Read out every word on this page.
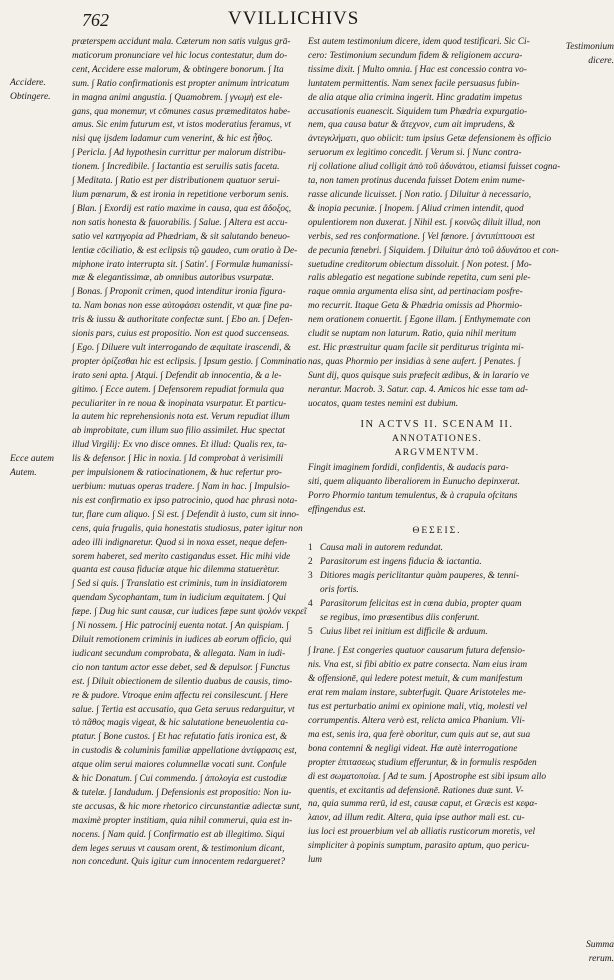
762	VVILLICHIVS
Accidere.
Obtingere.
Ecce autem
Autem.

præterspem accidunt mala. Cæterum non satis vulgus grā-

maticorum pronunciare vel hic locus contestatur, dum do-

cent, Accidere esse malorum, & obtingere bonorum. ∫ Ita

sum. ∫ Ratio confirmationis est propter animum intricatum

in magna animi angustia. ∫ Quamobrem. ∫ γνωμὴ est ele-

gans, qua monemur, vt cōmunes casus præmeditatos habe-

amus. Sic enim futurum est, vt istos moderatius feramus, vt

nisi quę ijsdem ladamur cum venerint, & hic est ἦθος.

∫ Pericla. ∫ Ad hypothesin currittur per malorum distribu-

tionem. ∫ Incredibile. ∫ Iactantia est seruilis satis faceta.

∫ Meditata. ∫ Ratio est per distributionem quatuor serui-

lium pœnarum, & est ironia in repetitione verborum senis.

∫ Blan. ∫ Exordij est ratio maxime in causa, qua est ἄδοξος,

non satis honesta & fauorabilis. ∫ Salue. ∫ Altera est accu-

satio vel κατηγορία ad Phædriam, & sit salutando beneuo-

lentiæ cōciliatio, & est eclipsis τῷ gaudeo, cum oratio à De-

miphone irato interrupta sit. ∫ Satin'. ∫ Formulæ humanissi-

mæ & elegantissimæ, ab omnibus autoribus vsurpatæ.

∫ Bonas. ∫ Proponit crimen, quod intenditur ironia figura-

ta. Nam bonas non esse αὐτοφάσει ostendit, vt quæ fine pa-

tris & iussu & authoritate confectæ sunt. ∫ Ebo an. ∫ Defen-

sionis pars, cuius est propositio. Non est quod succenseas.

∫ Ego. ∫ Diluere vult interrogando de æquitate irascendi, &

propter ὀρίζεσθαι hic est eclipsis. ∫ Ipsum gestio. ∫ Comminatio

irato seni apta. ∫ Atqui. ∫ Defendit ab innocentia, & a le-

gitimo. ∫ Ecce autem. ∫ Defensorem repudiat formula qua

peculiariter in re noua & inopinata vsurpatur. Et particu-

la autem hic reprehensionis nota est. Verum repudiat illum

ab improbitate, cum illum suo filio assimilet. Huc spectat

illud Virgilij: Ex vno disce omnes. Et illud: Qualis rex, ta-

lis & defensor. ∫ Hic in noxia. ∫ Id comprobat à verisimili

per impulsionem & ratiocinationem, & huc refertur pro-

uerbium: mutuas operas tradere. ∫ Nam in hac. ∫ Impulsio-

nis est confirmatio ex ipso patrocinio, quod hac phrasi nota-

tur, flare cum aliquo. ∫ Si est. ∫ Defendit à iusto, cum sit inno-

cens, quia frugalis, quia honestatis studiosus, pater igitur non

adeo illi indignaretur. Quod si in noxa esset, neque defen-

sorem haberet, sed merito castigandus esset. Hic mihi vide

quanta est causa fiduciæ atque hic dilemma statuerètur.

∫ Sed si quis. ∫ Translatio est criminis, tum in insidiatorem

quendam Sycophantam, tum in iudicium æquitatem. ∫ Qui

fæpe. ∫ Dug hic sunt causæ, cur iudices fæpe sunt ψολόν νεκρεῖ

∫ Ni nossem. ∫ Hic patrocinij euenta notat. ∫ An quispiam. ∫

Diluit remotionem criminis in iudices ab eorum officio, qui

iudicant secundum comprobata, & allegata. Nam in iudi-

cio non tantum actor esse debet, sed & depulsor. ∫ Functus

est. ∫ Diluit obiectionem de silentio duabus de causis, timo-

re & pudore. Vtroque enim affectu rei consilescunt. ∫ Here

salue. ∫ Tertia est accusatio, qua Geta seruus redarguitur, vt

τὸ πᾶθος magis vigeat, & hic salutatione beneuolentia ca-

ptatur. ∫ Bone custos. ∫ Et hac refutatio fatis ironica est, &

in custodis & columinis familiæ appellatione ἀντίφρασις est,

atque olim serui maiores columnellæ vocati sunt. Confule

& hic Donatum. ∫ Cui commenda. ∫ ἀπολογία est custodiæ

& tutelæ. ∫ Iandudum. ∫ Defensionis est propositio: Non iu-

ste accusas, & hic more rhetorico circunstantiæ adiectæ sunt,

maximè propter institiam, quia nihil commerui, quia est in-

nocens. ∫ Nam quid. ∫ Confirmatio est ab illegitimo. Siqui

dem leges seruus vt causam orent, & testimonium dicant,

non concedunt. Quis igitur cum innocentem redargueret?

Testimonium
dicere.
Summa
rerum.

Est autem testimonium dicere, idem quod testificari. Sic Ci-

cero: Testimonium secundum fidem & religionem accura-

tissime dixit. ∫ Multo omnia. ∫ Hac est concessio contra vo-

luntatem permittentis. Nam senex facile persuasus fubin-

de alia atque alia crimina ingerit. Hinc gradatim impetus

accusationis euanescit. Siquidem tum Phædria expurgatio-

nem, qua causa batur & ἄτεχνον, cum ait imprudens, &

ἀντεγκλήματι, quo obiicit: tum ipsius Getæ defensionem ès officio

seruorum ex legitimo concedit. ∫ Verum si. ∫ Nunc contra-

rij collatione aliud colligit ἀπὸ τοῦ ἀδυνάτου, etiamsi fuisset cogna-

ta, non tamen protinus ducenda fuisset Dotem enim nume-

rasse alicunde licuisset. ∫ Non ratio. ∫ Diluitur à necessario,

& inopia pecuniæ. ∫ Inopem. ∫ Aliud crimen intendit, quod

opulentiorem non duxerat. ∫ Nihil est. ∫ κοινῶς diluit illud, non

verbis, sed res conformatione. ∫ Vel fœnore. ∫ ἀντιπίπτουσι est

de pecunia fœnebri. ∫ Siquidem. ∫ Diluitur ἀπὸ τοῦ ἀδυνάτου et con-

suetudine creditorum obiectum dissoluit. ∫ Non potest. ∫ Mo-

ralis ablegatio est negatione subinde repetita, cum seni ple-

raque omnia argumenta elisa sint, ad pertinaciam posfre-

mo recurrit. Itaque Geta & Phædria omissis ad Phormio-

nem orationem conuertit. ∫ Egone illam. ∫ Enthymemate con

cludit se nuptam non laturum. Ratio, quia nihil meritum

est. Hic præstruitur quam facile sit perditurus triginta mi-

nas, quas Phormio per insidias à sene aufert. ∫ Penates. ∫

Sunt dij, quos quisque suis præfecit ædibus, & in larario ve

nerantur. Macrob. 3. Satur. cap. 4. Amicos hic esse tam ad-

uocatos, quam testes nemini est dubium.

IN ACTVS II. SCENAM II.
ANNOTATIONES.
ARGVMENTVM.

Fingit imaginem fordidi, confidentis, & audacis para-

siti, quem aliquanto liberaliorem in Eunucho depinxerat.

Porro Phormio tantum temulentus, & à crapula ofcitans

effingendus est.

ΘΕΣΕΙΣ.
1 Causa mali in autorem redundat.

2 Parasitorum est ingens fiducia & iactantia.

3 Ditiores magis periclitantur quàm pauperes, & tenni-

oris fortis.

4 Parasitorum felicitas est in cœna dubia, propter quam

se regibus, imo præsentibus diis conferunt.

5 Cuius libet rei initium est difficile & arduum.

∫ Irane. ∫ Est congeries quatuor causarum futura defensio-

nis. Vna est, si fibi abitio ex patre consecta. Nam eius iram

& offensionē, qui ledere potest metuit, & cum manifestum

erat rem malam instare, subterfugit. Quare Aristoteles me-

tus est perturbatio animi ex opinione mali, vtiq, molesti vel

corrumpentis. Altera verò est, relicta amica Phanium. Vli-

ma est, senis ira, qua ferè oboritur, cum quis aut se, aut sua

bona contemni & negligi videat. Hæ autè interrogatione

propter ἐπιτασεως studium efferuntur, & in formulis respōden

di est σωματοποίια. ∫ Ad te sum. ∫ Apostrophe est sibi ipsum allo

quentis, et excitantis ad defensionē. Rationes duæ sunt. V-

na, quia summa rerū, id est, causæ caput, et Græcis est κεφα-

λαιον, ad illum redit. Altera, quia ipse author mali est. cu-

ius loci est prouerbium vel ab alliatis rusticorum moretis, vel

simpliciter à popinis sumptum, parasito aptum, quo pericu-

lum
